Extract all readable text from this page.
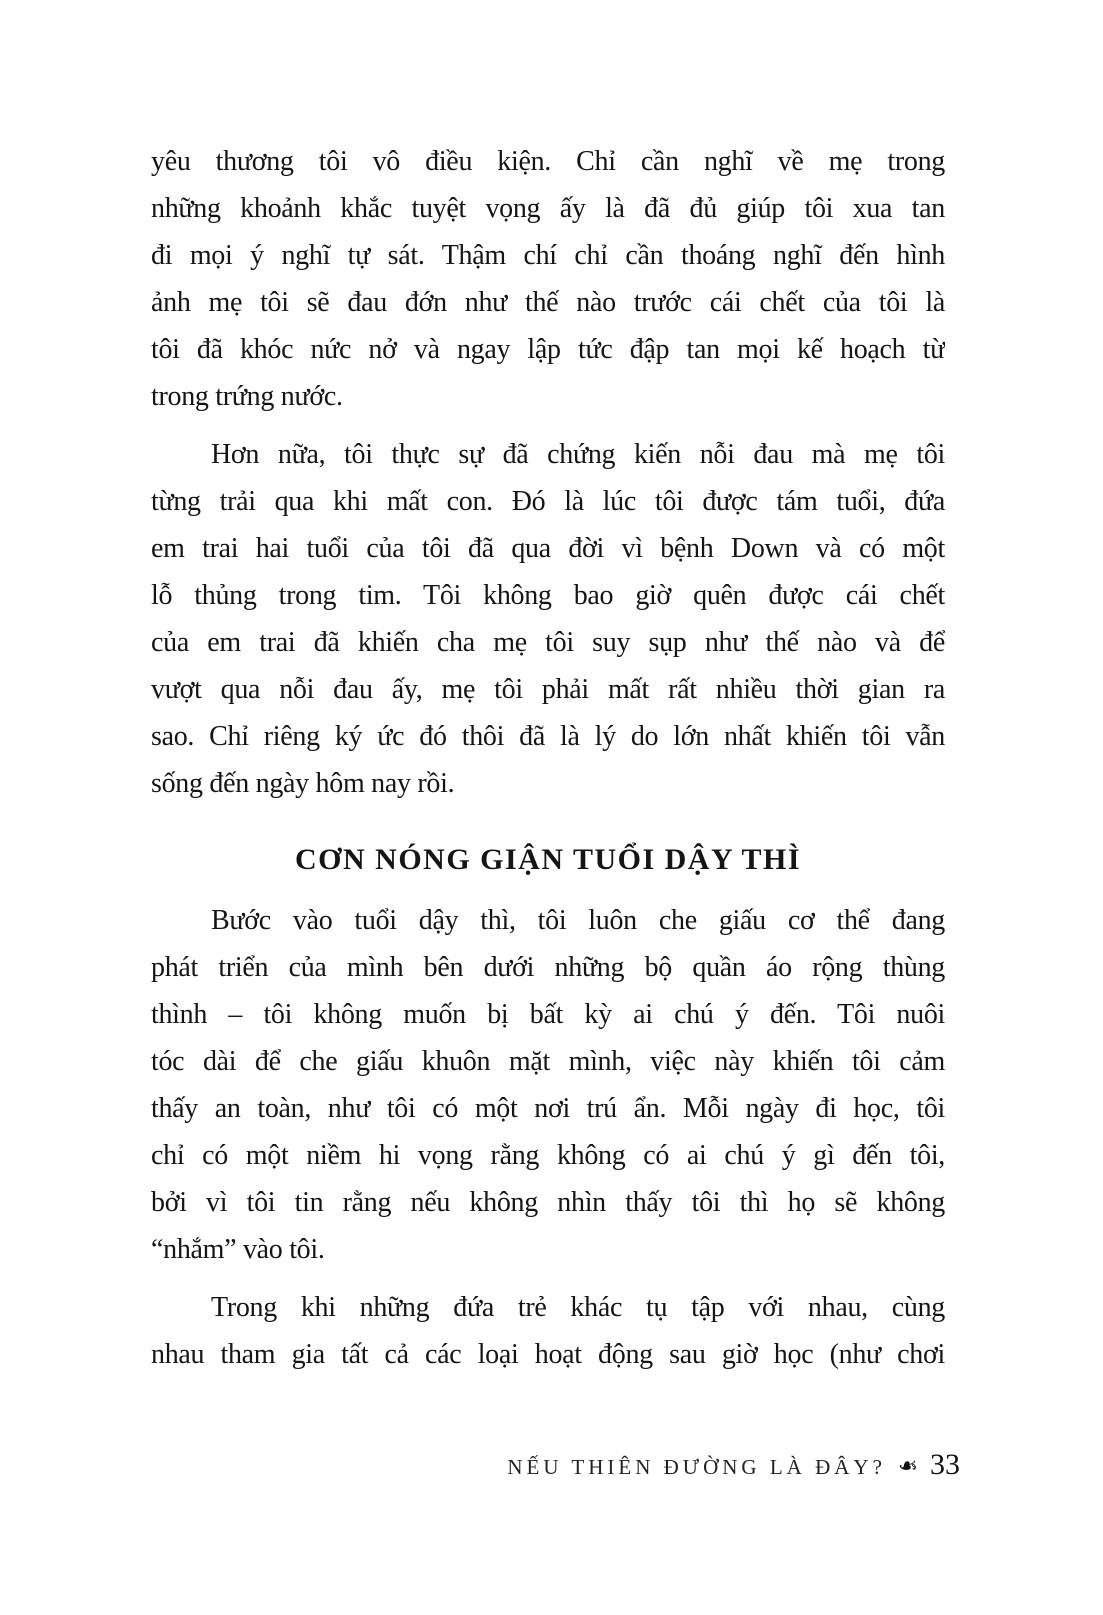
yêu thương tôi vô điều kiện. Chỉ cần nghĩ về mẹ trong
những khoảnh khắc tuyệt vọng ấy là đã đủ giúp tôi xua tan
đi mọi ý nghĩ tự sát. Thậm chí chỉ cần thoáng nghĩ đến hình
ảnh mẹ tôi sẽ đau đớn như thế nào trước cái chết của tôi là
tôi đã khóc nức nở và ngay lập tức đập tan mọi kế hoạch từ
trong trứng nước.
Hơn nữa, tôi thực sự đã chứng kiến nỗi đau mà mẹ tôi
từng trải qua khi mất con. Đó là lúc tôi được tám tuổi, đứa
em trai hai tuổi của tôi đã qua đời vì bệnh Down và có một
lỗ thủng trong tim. Tôi không bao giờ quên được cái chết
của em trai đã khiến cha mẹ tôi suy sụp như thế nào và để
vượt qua nỗi đau ấy, mẹ tôi phải mất rất nhiều thời gian ra
sao. Chỉ riêng ký ức đó thôi đã là lý do lớn nhất khiến tôi vẫn
sống đến ngày hôm nay rồi.
CƠN NÓNG GIẬN TUỔI DẬY THÌ
Bước vào tuổi dậy thì, tôi luôn che giấu cơ thể đang
phát triển của mình bên dưới những bộ quần áo rộng thùng
thình – tôi không muốn bị bất kỳ ai chú ý đến. Tôi nuôi
tóc dài để che giấu khuôn mặt mình, việc này khiến tôi cảm
thấy an toàn, như tôi có một nơi trú ẩn. Mỗi ngày đi học, tôi
chỉ có một niềm hi vọng rằng không có ai chú ý gì đến tôi,
bởi vì tôi tin rằng nếu không nhìn thấy tôi thì họ sẽ không
“nhắm” vào tôi.
Trong khi những đứa trẻ khác tụ tập với nhau, cùng
nhau tham gia tất cả các loại hoạt động sau giờ học (như chơi
NẾU THIÊN ĐƯỜNG LÀ ĐÂY? ❧ 33
